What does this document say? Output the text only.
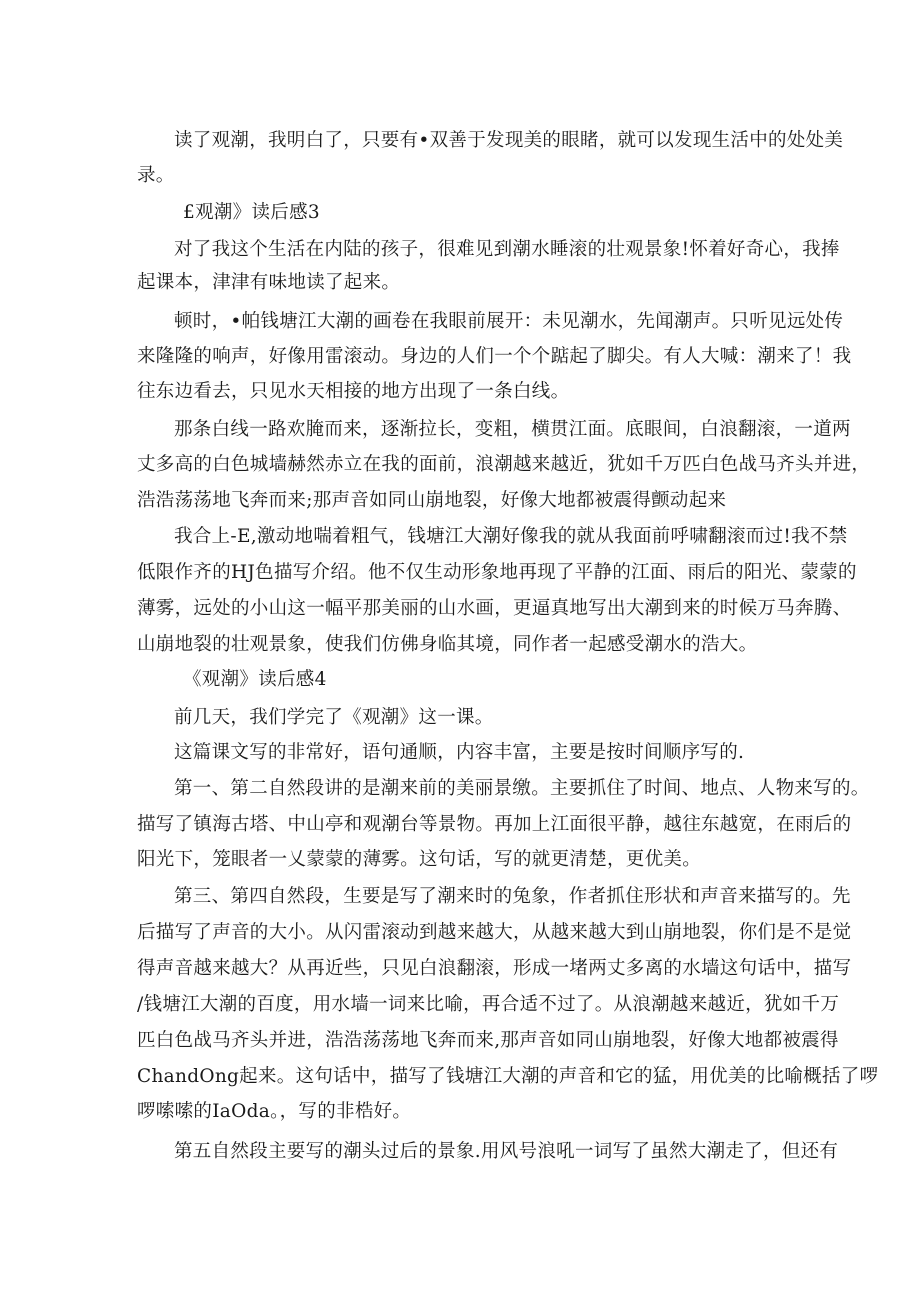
读了观潮，我明白了，只要有•双善于发现美的眼睹，就可以发现生活中的处处美
录。
£观潮》读后感3
对了我这个生活在内陆的孩子，很难见到潮水睡滚的壮观景象!怀着好奇心，我捧
起课本，津津有味地读了起来。
顿时，•帕钱塘江大潮的画卷在我眼前展开：未见潮水，先闻潮声。只听见远处传
来隆隆的响声，好像用雷滚动。身边的人们一个个踮起了脚尖。有人大喊：潮来了！我
往东边看去，只见水天相接的地方出现了一条白线。
那条白线一路欢腌而来，逐渐拉长，变粗，横贯江面。底眼间，白浪翻滚，一道两
丈多高的白色城墙赫然赤立在我的面前，浪潮越来越近，犹如千万匹白色战马齐头并进，
浩浩荡荡地飞奔而来;那声音如同山崩地裂，好像大地都被震得颤动起来
我合上-E,激动地喘着粗气，钱塘江大潮好像我的就从我面前呼啸翻滚而过!我不禁
低限作齐的HJ色描写介绍。他不仅生动形象地再现了平静的江面、雨后的阳光、蒙蒙的
薄雾，远处的小山这一幅平那美丽的山水画，更逼真地写出大潮到来的时候万马奔腾、
山崩地裂的壮观景象，使我们仿佛身临其境，同作者一起感受潮水的浩大。
《观潮》读后感4
前几天，我们学完了《观潮》这一课。
这篇课文写的非常好，语句通顺，内容丰富，主要是按时间顺序写的.
第一、第二自然段讲的是潮来前的美丽景缴。主要抓住了时间、地点、人物来写的。
描写了镇海古塔、中山亭和观潮台等景物。再加上江面很平静，越往东越宽，在雨后的
阳光下，笼眼者一乂蒙蒙的薄雾。这句话，写的就更清楚，更优美。
第三、第四自然段，生要是写了潮来时的兔象，作者抓住形状和声音来描写的。先
后描写了声音的大小。从闪雷滚动到越来越大，从越来越大到山崩地裂，你们是不是觉
得声音越来越大？从再近些，只见白浪翻滚，形成一堵两丈多离的水墙这句话中，描写
/钱塘江大潮的百度，用水墙一词来比喻，再合适不过了。从浪潮越来越近，犹如千万
匹白色战马齐头并进，浩浩荡荡地飞奔而来,那声音如同山崩地裂，好像大地都被震得
ChandOng起来。这句话中，描写了钱塘江大潮的声音和它的猛，用优美的比喻概括了啰
啰嗦嗦的IaOda。，写的非梏好。
第五自然段主要写的潮头过后的景象.用风号浪吼一词写了虽然大潮走了，但还有
